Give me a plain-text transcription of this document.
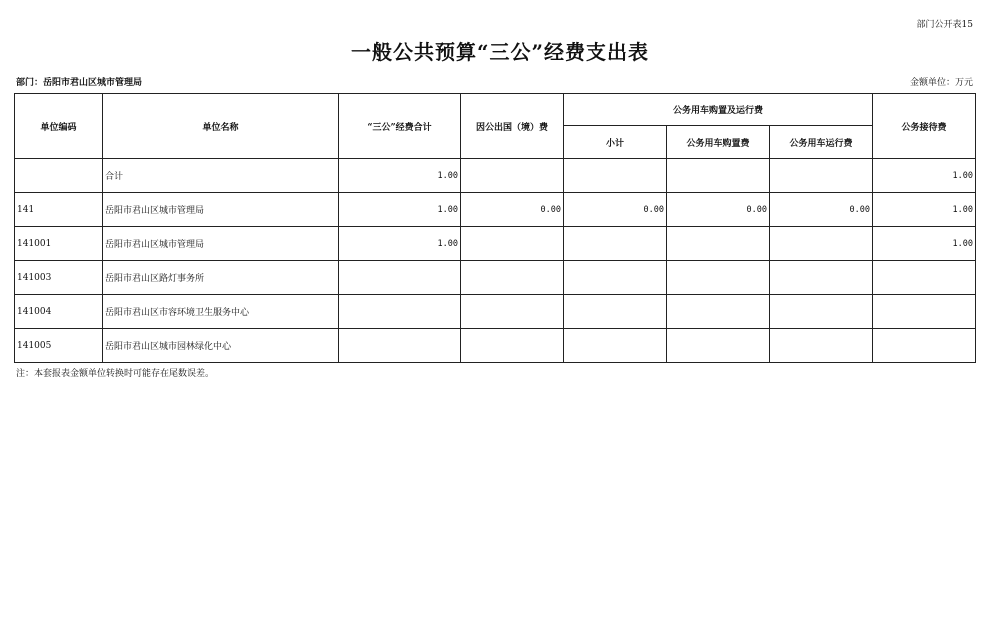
部门公开表15
一般公共预算“三公”经费支出表
部门：岳阳市君山区城市管理局	金额单位：万元
单位编码	单位名称	“三公”经费合计	因公出国（境）费	公务用车购置及运行费			公务接待费
				小计	公务用车购置费	公务用车运行费	
	合计	1.00					1.00
141	岳阳市君山区城市管理局	1.00	0.00	0.00	0.00	0.00	1.00
141001	岳阳市君山区城市管理局	1.00					1.00
141003	岳阳市君山区路灯事务所						
141004	岳阳市君山区市容环境卫生服务中心						
141005	岳阳市君山区城市园林绿化中心						
注：本套报表金额单位转换时可能存在尾数误差。
